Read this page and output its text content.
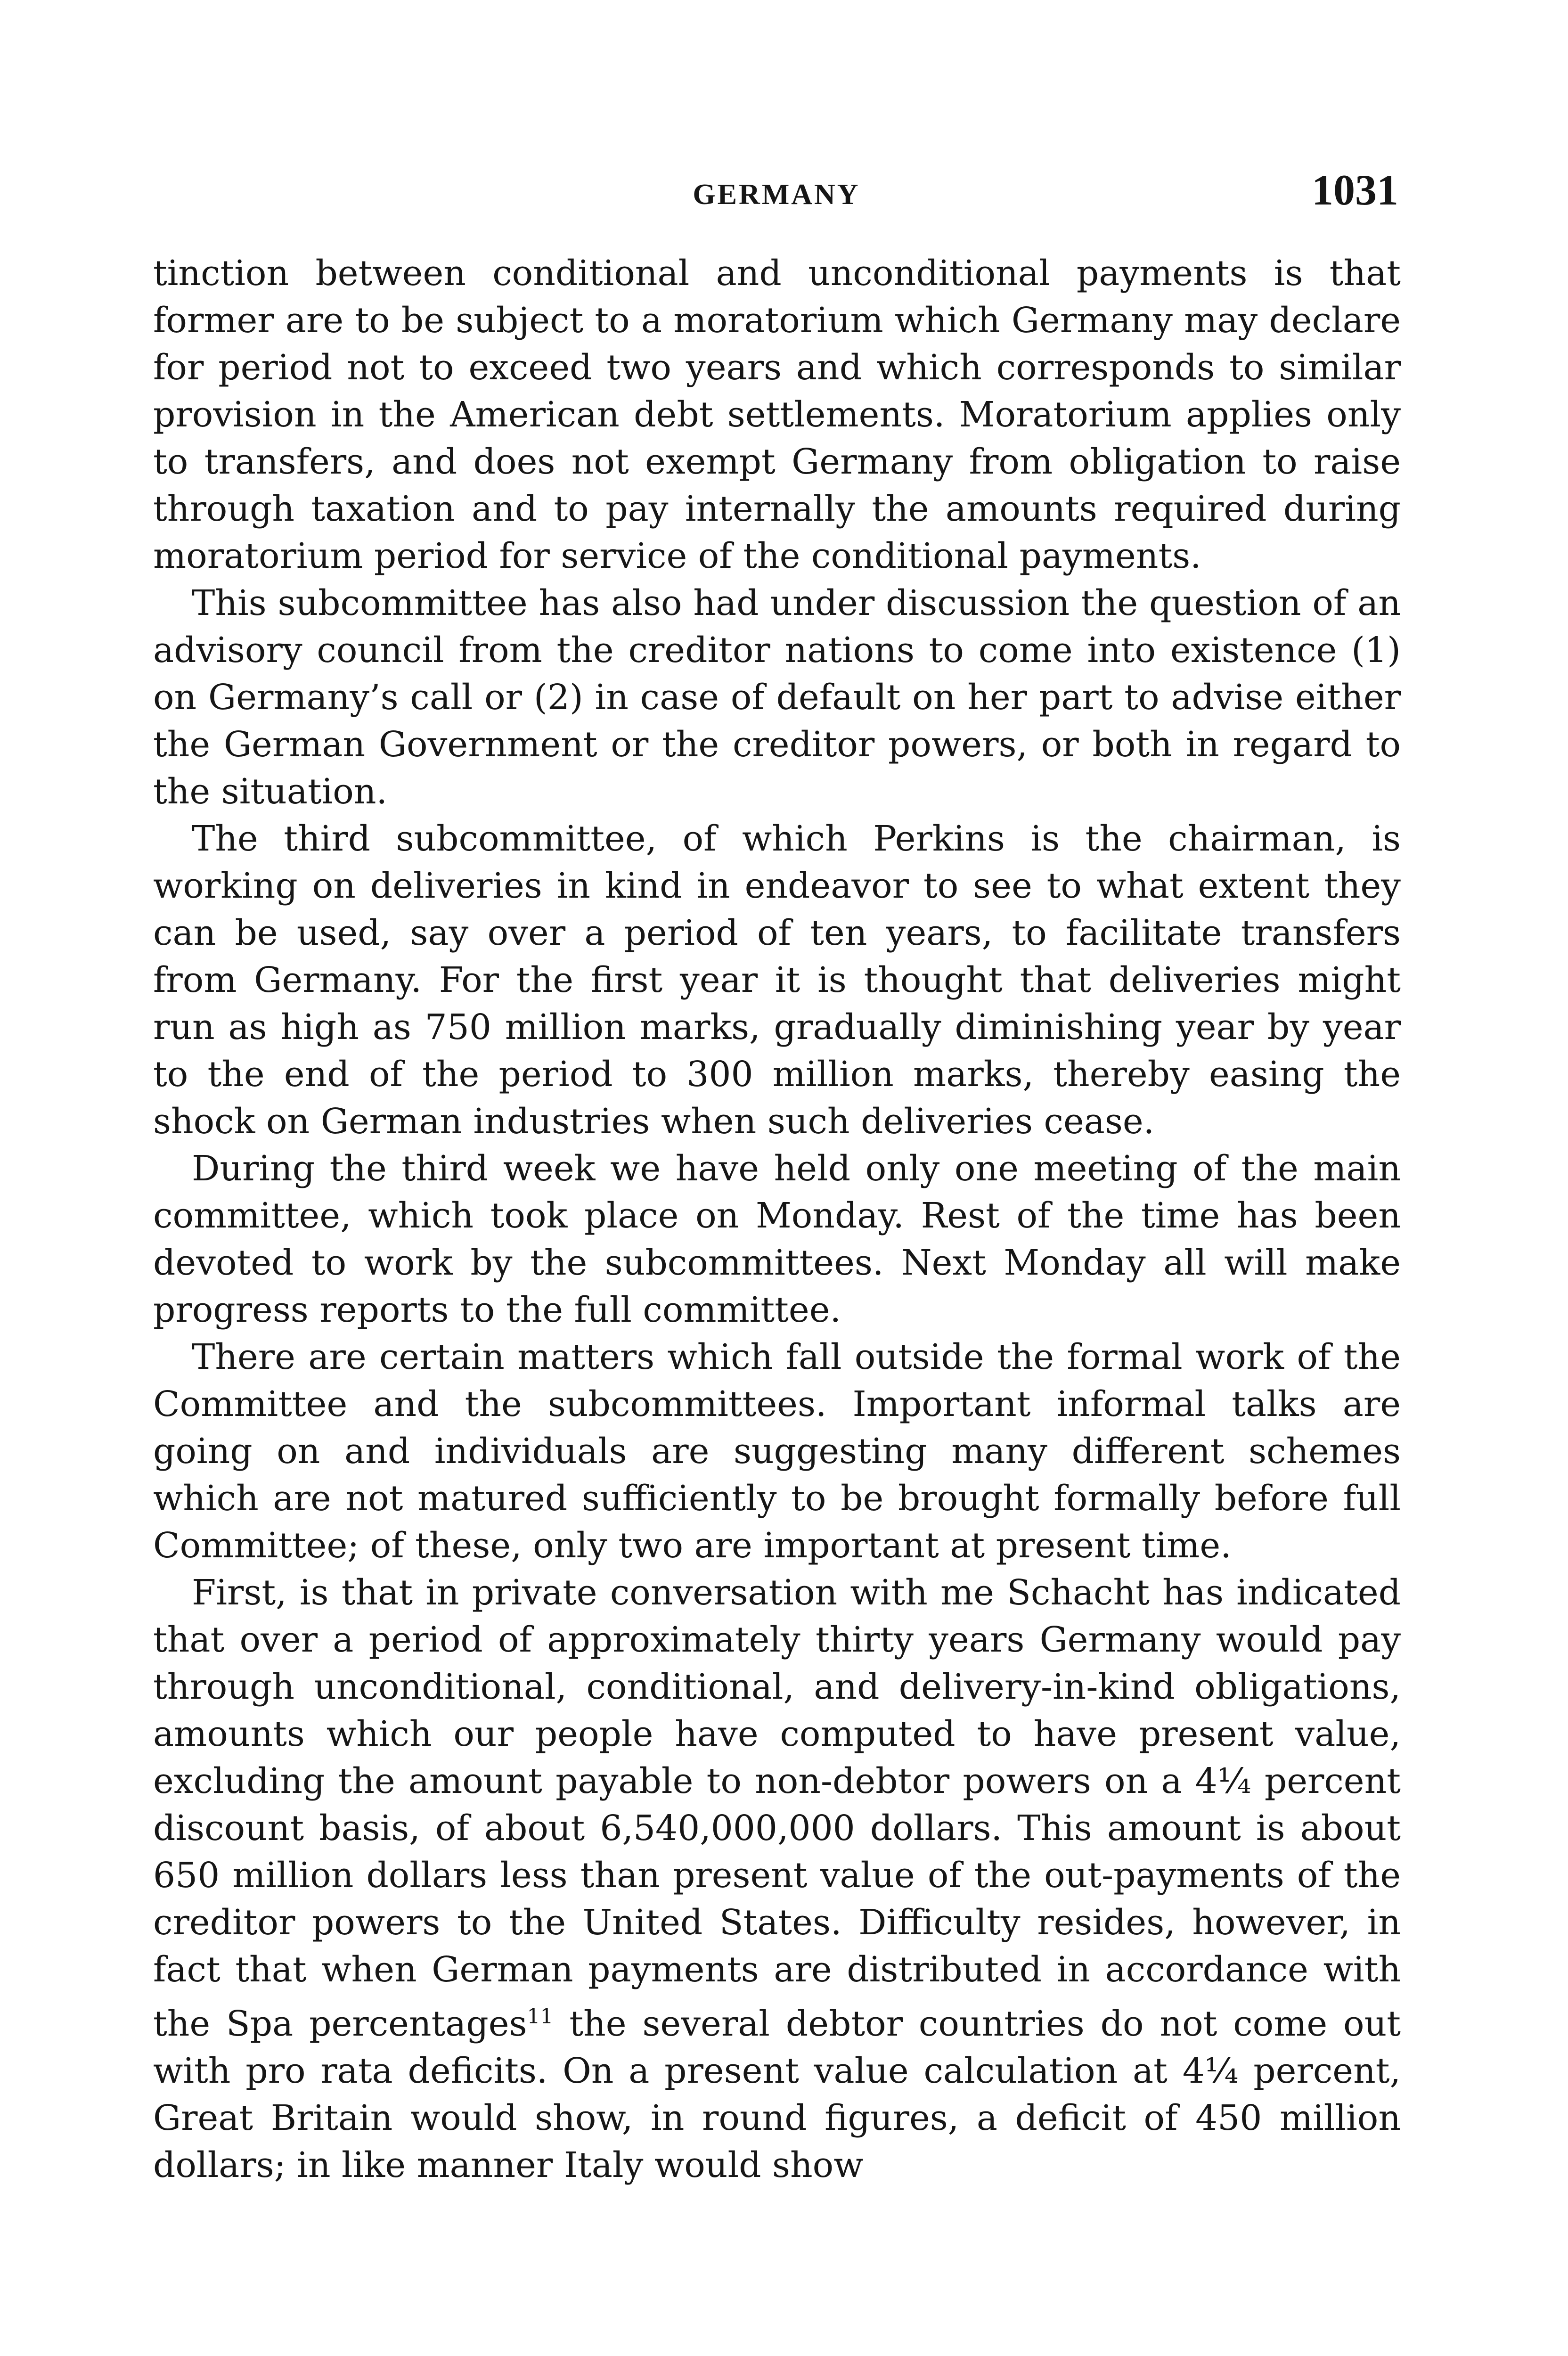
GERMANY	1031

tinction between conditional and unconditional payments is that former are to be subject to a moratorium which Germany may declare for period not to exceed two years and which corresponds to similar provision in the American debt settlements. Moratorium applies only to transfers, and does not exempt Germany from obligation to raise through taxation and to pay internally the amounts required during moratorium period for service of the conditional payments.

This subcommittee has also had under discussion the question of an advisory council from the creditor nations to come into existence (1) on Germany’s call or (2) in case of default on her part to advise either the German Government or the creditor powers, or both in regard to the situation.

The third subcommittee, of which Perkins is the chairman, is working on deliveries in kind in endeavor to see to what extent they can be used, say over a period of ten years, to facilitate transfers from Germany. For the first year it is thought that deliveries might run as high as 750 million marks, gradually diminishing year by year to the end of the period to 300 million marks, thereby easing the shock on German industries when such deliveries cease.

During the third week we have held only one meeting of the main committee, which took place on Monday. Rest of the time has been devoted to work by the subcommittees. Next Monday all will make progress reports to the full committee.

There are certain matters which fall outside the formal work of the Committee and the subcommittees. Important informal talks are going on and individuals are suggesting many different schemes which are not matured sufficiently to be brought formally before full Committee; of these, only two are important at present time.

First, is that in private conversation with me Schacht has indicated that over a period of approximately thirty years Germany would pay through unconditional, conditional, and delivery-in-kind obligations, amounts which our people have computed to have present value, excluding the amount payable to non-debtor powers on a 4¼ percent discount basis, of about 6,540,000,000 dollars. This amount is about 650 million dollars less than present value of the out-payments of the creditor powers to the United States. Difficulty resides, however, in fact that when German payments are distributed in accordance with the Spa percentages$^{11}$ the several debtor countries do not come out with pro rata deficits. On a present value calculation at 4¼ percent, Great Britain would show, in round figures, a deficit of 450 million dollars; in like manner Italy would show
